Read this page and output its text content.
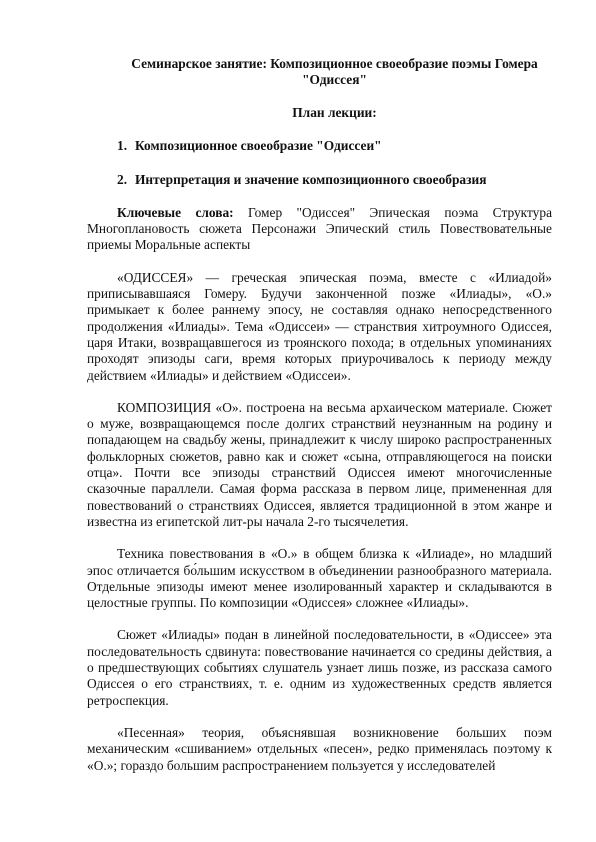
Семинарское занятие: Композиционное своеобразие поэмы Гомера "Одиссея"
План лекции:
1. Композиционное своеобразие "Одиссеи"
2. Интерпретация и значение композиционного своеобразия

Ключевые слова: Гомер "Одиссея" Эпическая поэма Структура Многоплановость сюжета Персонажи Эпический стиль Повествовательные приемы Моральные аспекты

«ОДИССЕЯ» — греческая эпическая поэма, вместе с «Илиадой» приписывавшаяся Гомеру. Будучи законченной позже «Илиады», «О.» примыкает к более раннему эпосу, не составляя однако непосредственного продолжения «Илиады». Тема «Одиссеи» — странствия хитроумного Одиссея, царя Итаки, возвращавшегося из троянского похода; в отдельных упоминаниях проходят эпизоды саги, время которых приурочивалось к периоду между действием «Илиады» и действием «Одиссеи».

КОМПОЗИЦИЯ «О». построена на весьма архаическом материале. Сюжет о муже, возвращающемся после долгих странствий неузнанным на родину и попадающем на свадьбу жены, принадлежит к числу широко распространенных фольклорных сюжетов, равно как и сюжет «сына, отправляющегося на поиски отца». Почти все эпизоды странствий Одиссея имеют многочисленные сказочные параллели. Самая форма рассказа в первом лице, примененная для повествований о странствиях Одиссея, является традиционной в этом жанре и известна из египетской лит-ры начала 2-го тысячелетия.

Техника повествования в «О.» в общем близка к «Илиаде», но младший эпос отличается бо́льшим искусством в объединении разнообразного материала. Отдельные эпизоды имеют менее изолированный характер и складываются в целостные группы. По композиции «Одиссея» сложнее «Илиады».

Сюжет «Илиады» подан в линейной последовательности, в «Одиссее» эта последовательность сдвинута: повествование начинается со средины действия, а о предшествующих событиях слушатель узнает лишь позже, из рассказа самого Одиссея о его странствиях, т. е. одним из художественных средств является ретроспекция.

«Песенная» теория, объяснявшая возникновение больших поэм механическим «сшиванием» отдельных «песен», редко применялась поэтому к «О.»; гораздо большим распространением пользуется у исследователей
